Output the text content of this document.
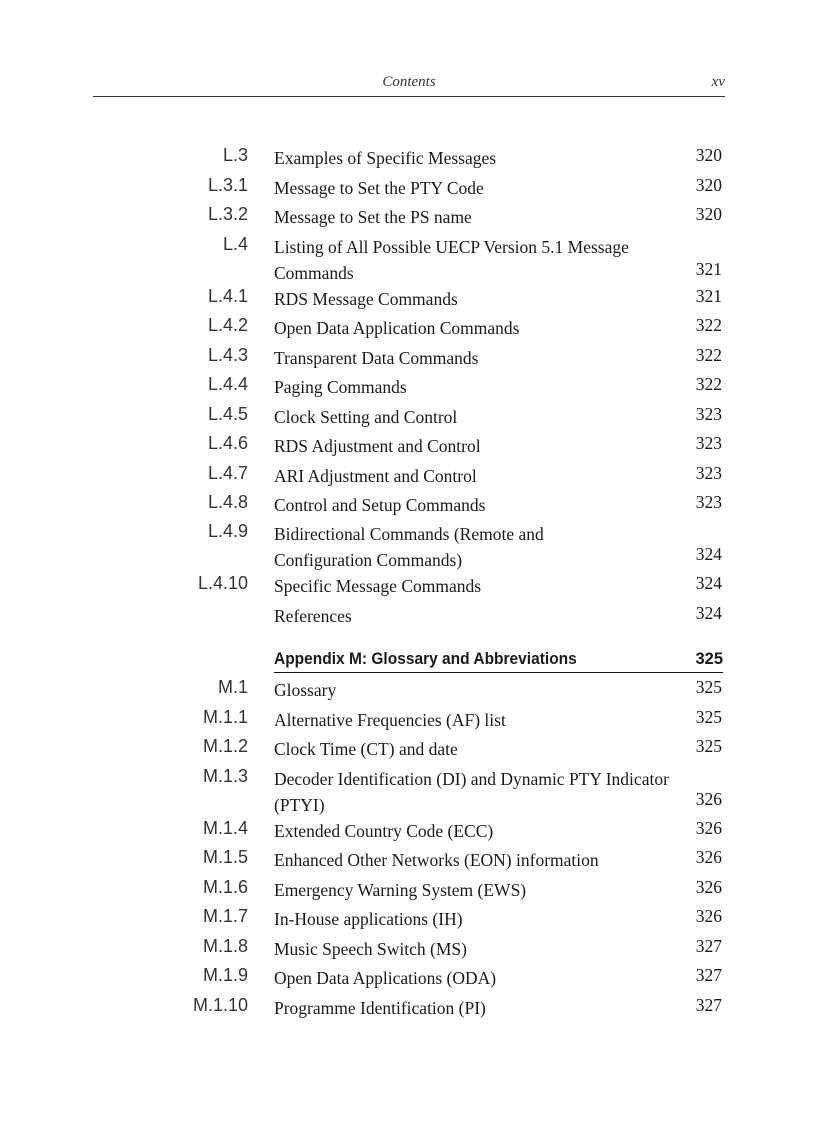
Contents	xv
L.3 Examples of Specific Messages	320
L.3.1 Message to Set the PTY Code	320
L.3.2 Message to Set the PS name	320
L.4 Listing of All Possible UECP Version 5.1 Message Commands	321
L.4.1 RDS Message Commands	321
L.4.2 Open Data Application Commands	322
L.4.3 Transparent Data Commands	322
L.4.4 Paging Commands	322
L.4.5 Clock Setting and Control	323
L.4.6 RDS Adjustment and Control	323
L.4.7 ARI Adjustment and Control	323
L.4.8 Control and Setup Commands	323
L.4.9 Bidirectional Commands (Remote and Configuration Commands)	324
L.4.10 Specific Message Commands	324
References	324
Appendix M: Glossary and Abbreviations	325
M.1 Glossary	325
M.1.1 Alternative Frequencies (AF) list	325
M.1.2 Clock Time (CT) and date	325
M.1.3 Decoder Identification (DI) and Dynamic PTY Indicator (PTYI)	326
M.1.4 Extended Country Code (ECC)	326
M.1.5 Enhanced Other Networks (EON) information	326
M.1.6 Emergency Warning System (EWS)	326
M.1.7 In-House applications (IH)	326
M.1.8 Music Speech Switch (MS)	327
M.1.9 Open Data Applications (ODA)	327
M.1.10 Programme Identification (PI)	327
